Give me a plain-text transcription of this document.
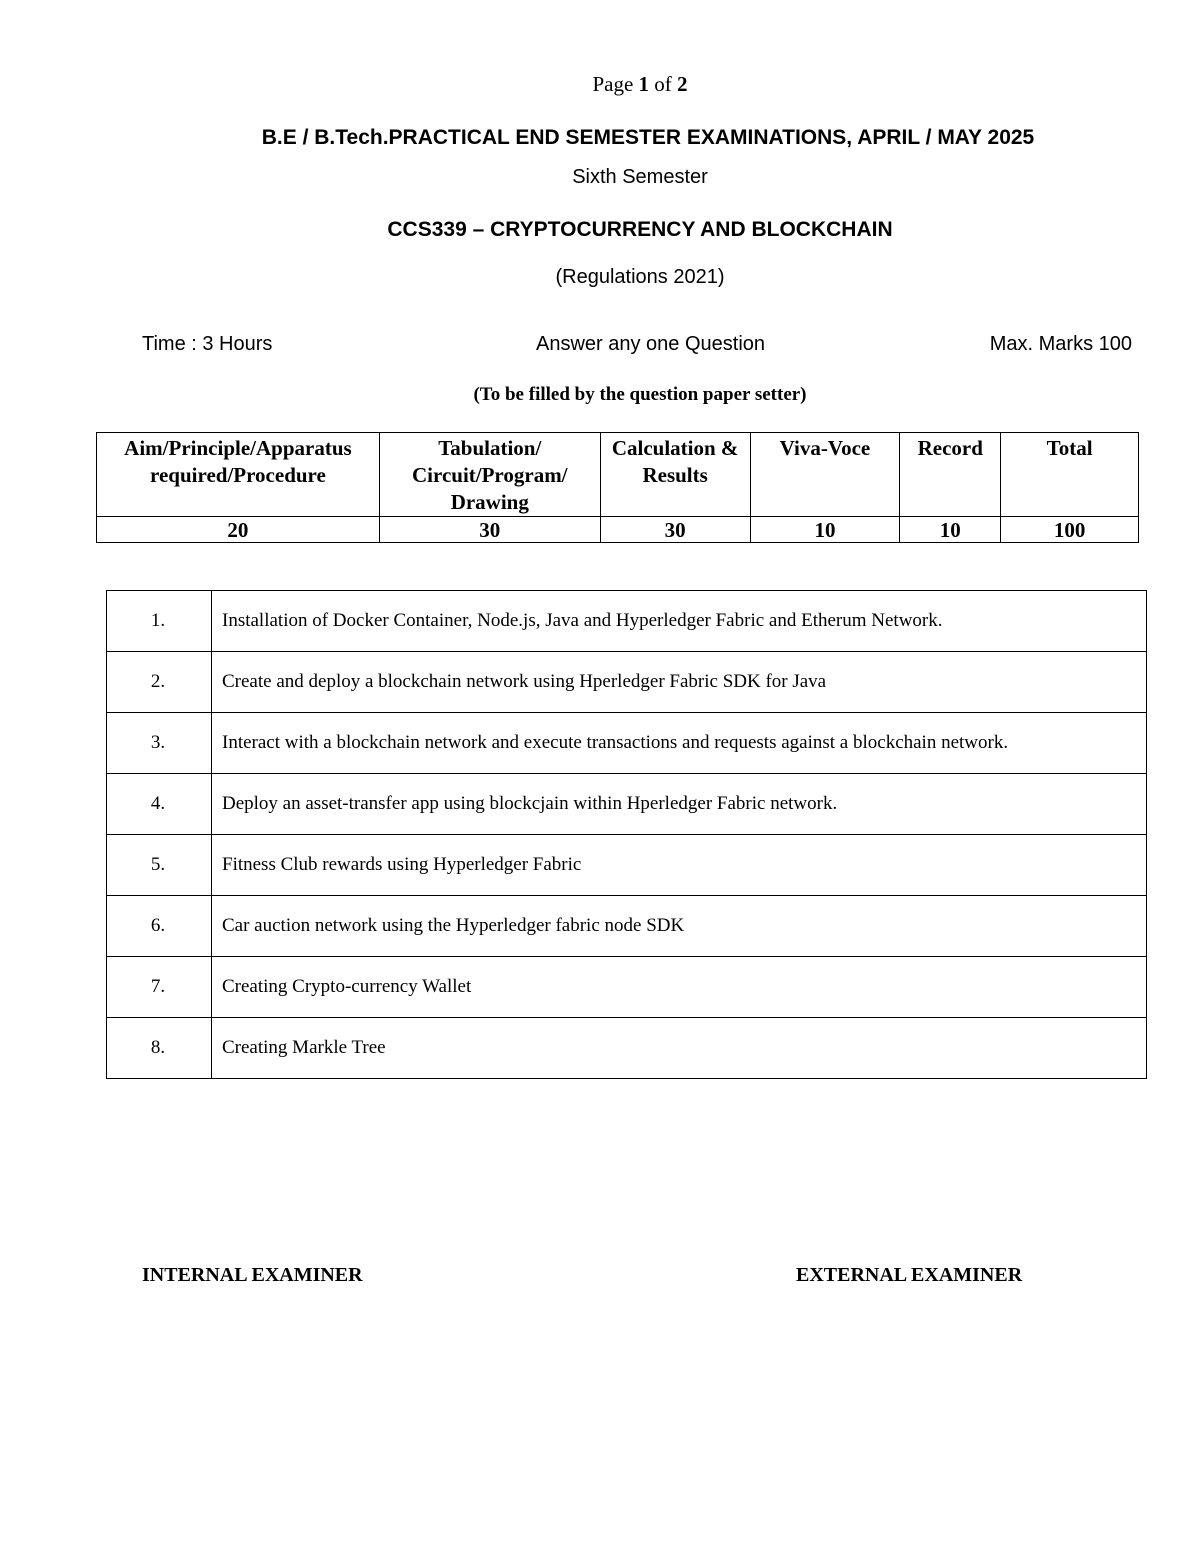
Page 1 of 2
B.E / B.Tech.PRACTICAL END SEMESTER EXAMINATIONS, APRIL / MAY 2025
Sixth Semester
CCS339 – CRYPTOCURRENCY AND BLOCKCHAIN
(Regulations 2021)
Time : 3 Hours	Answer any one Question	Max. Marks 100
(To be filled by the question paper setter)
Aim/Principle/Apparatus required/Procedure	Tabulation/ Circuit/Program/ Drawing	Calculation & Results	Viva-Voce	Record	Total
20	30	30	10	10	100
1.	Installation of Docker Container, Node.js, Java and Hyperledger Fabric and Etherum Network.
2.	Create and deploy a blockchain network using Hperledger Fabric SDK for Java
3.	Interact with a blockchain network and execute transactions and requests against a blockchain network.
4.	Deploy an asset-transfer app using blockcjain within Hperledger Fabric network.
5.	Fitness Club rewards using Hyperledger Fabric
6.	Car auction network using the Hyperledger fabric node SDK
7.	Creating Crypto-currency Wallet
8.	Creating Markle Tree
INTERNAL EXAMINER	EXTERNAL EXAMINER
